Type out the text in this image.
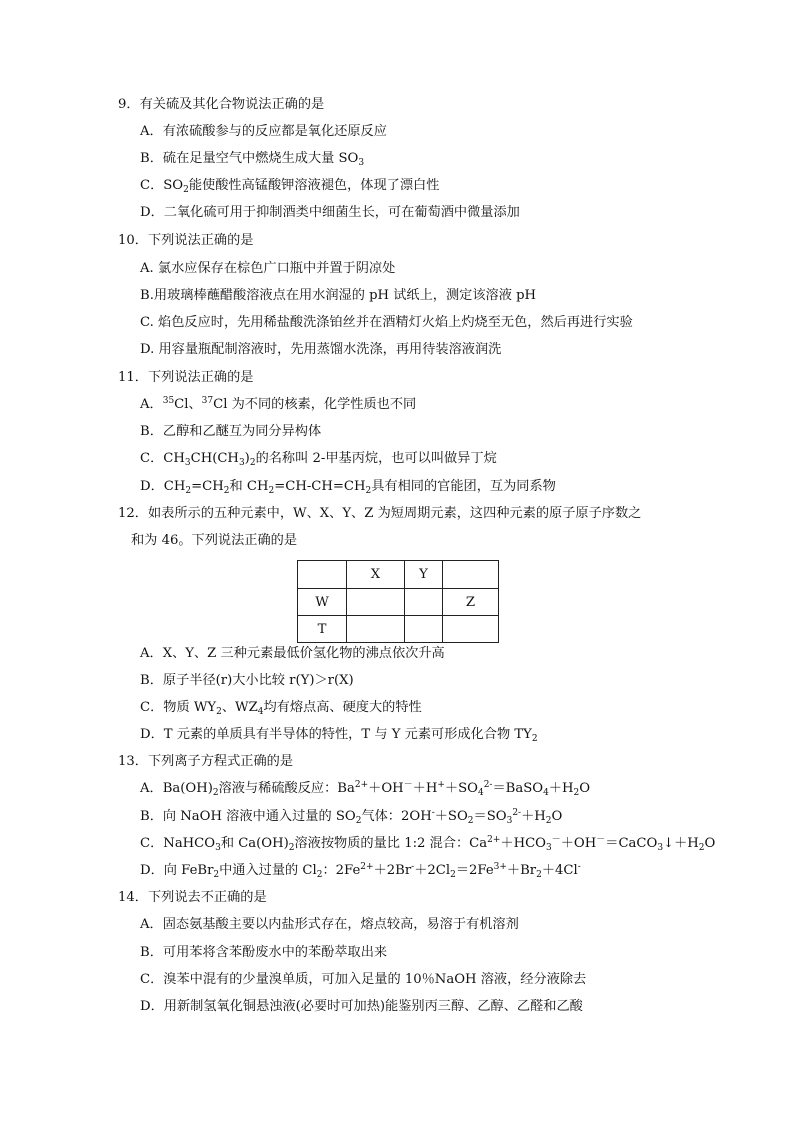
9．有关硫及其化合物说法正确的是
A．有浓硫酸参与的反应都是氧化还原反应
B．硫在足量空气中燃烧生成大量 $SO_3$
C．$SO_2$能使酸性高锰酸钾溶液褪色，体现了漂白性
D．二氧化硫可用于抑制酒类中细菌生长，可在葡萄酒中微量添加
10．下列说法正确的是
A. 氯水应保存在棕色广口瓶中并置于阴凉处
B.用玻璃棒蘸醋酸溶液点在用水润湿的 pH 试纸上，测定该溶液 pH
C. 焰色反应时，先用稀盐酸洗涤铂丝并在酒精灯火焰上灼烧至无色，然后再进行实验
D. 用容量瓶配制溶液时，先用蒸馏水洗涤，再用待装溶液润洗
11．下列说法正确的是
A．$^{35}$Cl、$^{37}$Cl 为不同的核素，化学性质也不同
B．乙醇和乙醚互为同分异构体
C．$CH_3CH(CH_3)_2$的名称叫 2-甲基丙烷，也可以叫做异丁烷
D．$CH_2=CH_2$和 $CH_2=CH-CH=CH_2$具有相同的官能团，互为同系物
12．如表所示的五种元素中，W、X、Y、Z 为短周期元素，这四种元素的原子原子序数之
和为 46。下列说法正确的是
	X	Y	
W			Z
T			
A．X、Y、Z 三种元素最低价氢化物的沸点依次升高
B．原子半径(r)大小比较 r(Y)＞r(X)
C．物质 $WY_2$、$WZ_4$均有熔点高、硬度大的特性
D．T 元素的单质具有半导体的特性，T 与 Y 元素可形成化合物 $TY_2$
13．下列离子方程式正确的是
A．$Ba(OH)_2$溶液与稀硫酸反应：$Ba^{2+}+OH^-+H^++SO_4^{2-}=BaSO_4+H_2O$
B．向 NaOH 溶液中通入过量的 $SO_2$气体：$2OH^-+SO_2=SO_3^{2-}+H_2O$
C．NaHCO$_3$和 $Ca(OH)_2$溶液按物质的量比 1:2 混合：$Ca^{2+}+HCO_3^-+OH^-=CaCO_3↓+H_2O$
D．向 FeBr$_2$中通入过量的 $Cl_2$：$2Fe^{2+}+2Br^-+2Cl_2=2Fe^{3+}+Br_2+4Cl^-$
14．下列说去不正确的是
A．固态氨基酸主要以内盐形式存在，熔点较高，易溶于有机溶剂
B．可用苯将含苯酚废水中的苯酚萃取出来
C．溴苯中混有的少量溴单质，可加入足量的 10％NaOH 溶液，经分液除去
D．用新制氢氧化铜悬浊液(必要时可加热)能鉴别丙三醇、乙醇、乙醛和乙酸
